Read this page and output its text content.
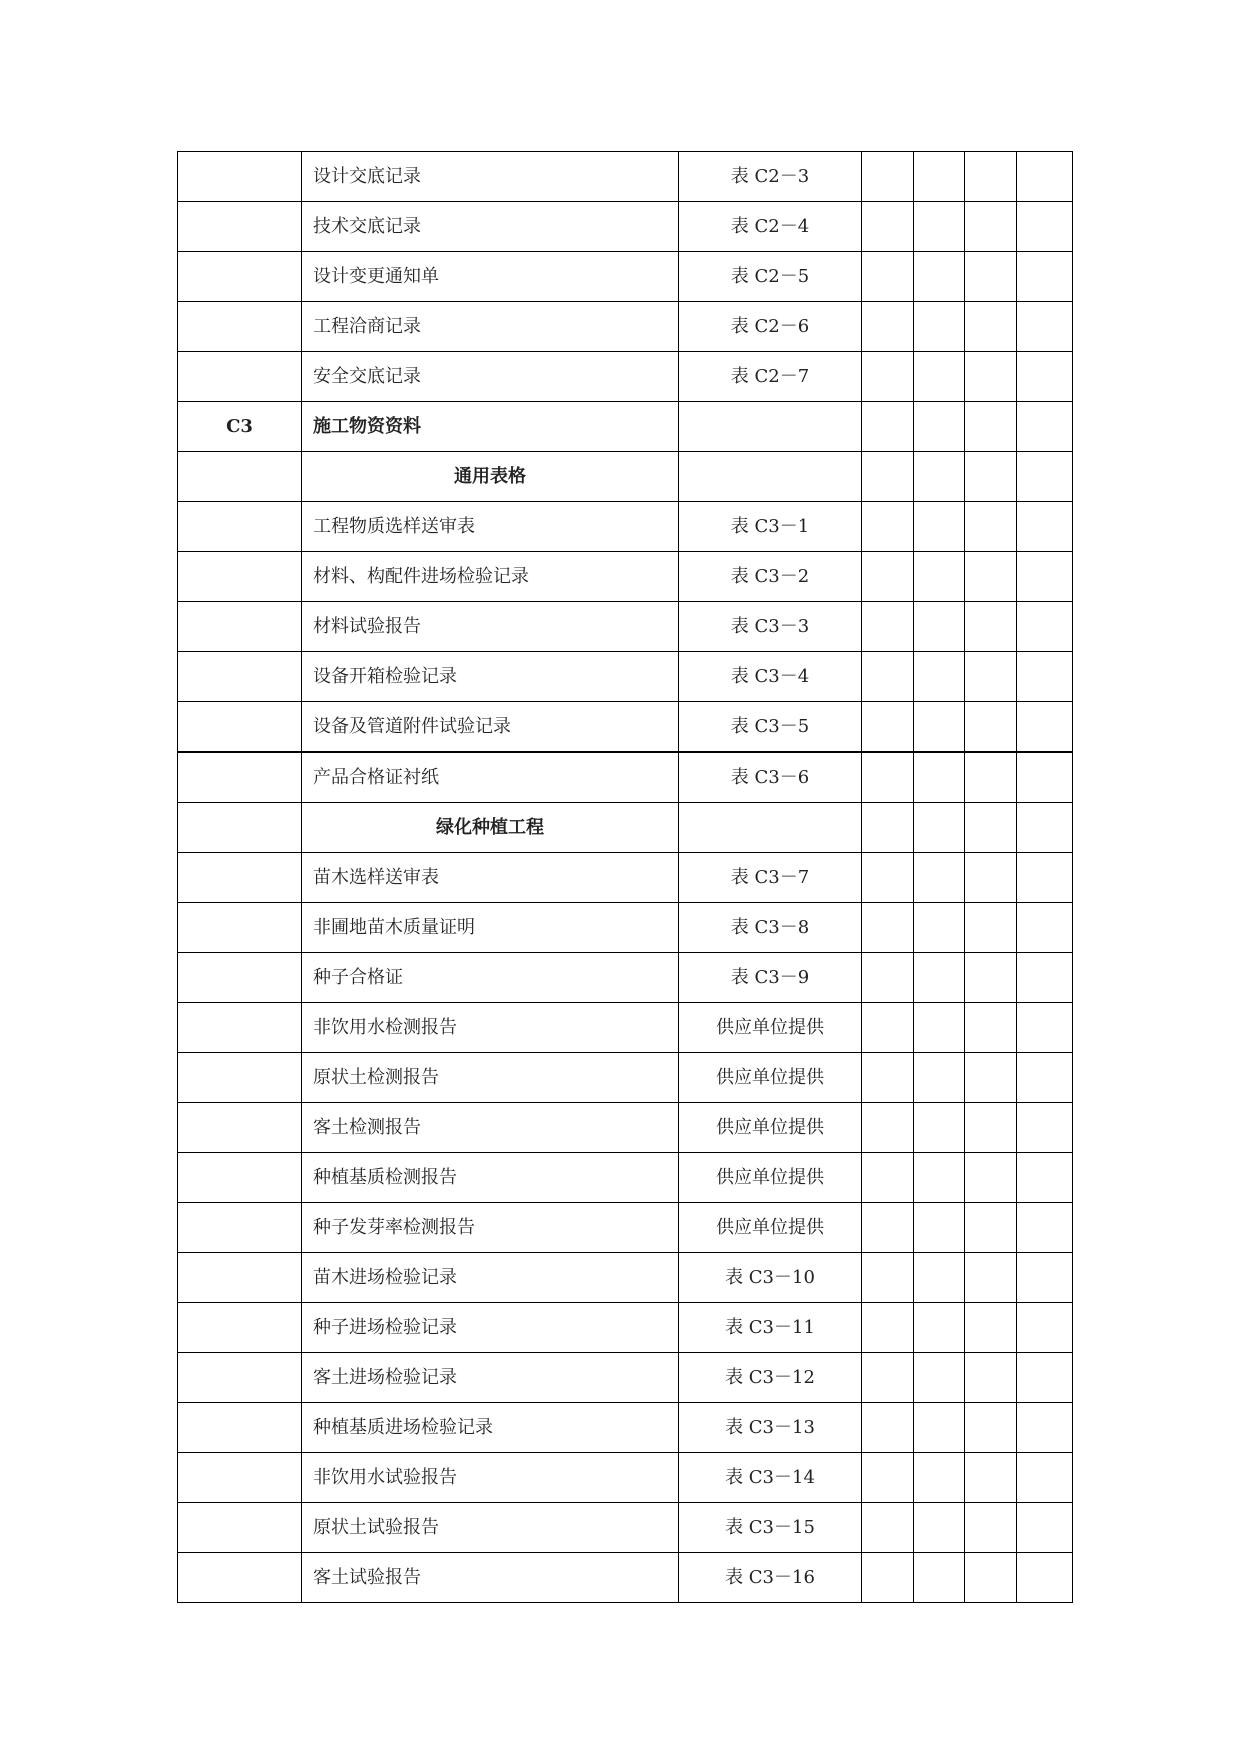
	设计交底记录	表 C2－3				
	技术交底记录	表 C2－4				
	设计变更通知单	表 C2－5				
	工程洽商记录	表 C2－6				
	安全交底记录	表 C2－7				
C3	施工物资资料					
	通用表格					
	工程物质选样送审表	表 C3－1				
	材料、构配件进场检验记录	表 C3－2				
	材料试验报告	表 C3－3				
	设备开箱检验记录	表 C3－4				
	设备及管道附件试验记录	表 C3－5				
	产品合格证衬纸	表 C3－6				
	绿化种植工程					
	苗木选样送审表	表 C3－7				
	非圃地苗木质量证明	表 C3－8				
	种子合格证	表 C3－9				
	非饮用水检测报告	供应单位提供				
	原状土检测报告	供应单位提供				
	客土检测报告	供应单位提供				
	种植基质检测报告	供应单位提供				
	种子发芽率检测报告	供应单位提供				
	苗木进场检验记录	表 C3－10				
	种子进场检验记录	表 C3－11				
	客土进场检验记录	表 C3－12				
	种植基质进场检验记录	表 C3－13				
	非饮用水试验报告	表 C3－14				
	原状土试验报告	表 C3－15				
	客土试验报告	表 C3－16				
